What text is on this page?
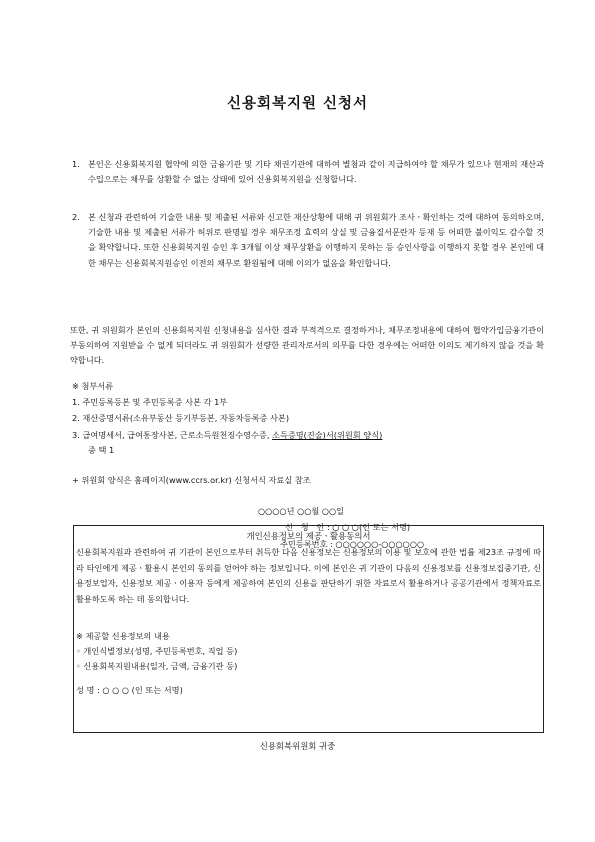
신용회복지원 신청서
1. 본인은 신용회복지원 협약에 의한 금융기관 및 기타 채권기관에 대하여 별첨과 같이 지급하여야 할 채무가 있으나 현재의 재산과 수입으로는 채무를 상환할 수 없는 상태에 있어 신용회복지원을 신청합니다.
2. 본 신청과 관련하여 기술한 내용 및 제출된 서류와 신고한 재산상황에 대해 귀 위원회가 조사ㆍ확인하는 것에 대하여 동의하오며, 기술한 내용 및 제출된 서류가 허위로 판명될 경우 채무조정 효력의 상실 및 금융질서문란자 등재 등 어떠한 불이익도 감수할 것을 확약합니다. 또한 신용회복지원 승인 후 3개월 이상 채무상환을 이행하지 못하는 등 승인사항을 이행하지 못할 경우 본인에 대한 채무는 신용회복지원승인 이전의 채무로 환원됨에 대해 이의가 없음을 확인합니다.

또한, 귀 위원회가 본인의 신용회복지원 신청내용을 심사한 결과 부적격으로 결정하거나, 채무조정내용에 대하여 협약가입금융기관이 부동의하여 지원받을 수 없게 되더라도 귀 위원회가 선량한 관리자로서의 의무를 다한 경우에는 어떠한 이의도 제기하지 않을 것을 확약합니다.

※ 첨부서류
1. 주민등록등본 및 주민등록증 사본 각 1부
2. 재산증명서류(소유부동산 등기부등본, 자동차등록증 사본)
3. 급여명세서, 급여통장사본, 근로소득원천징수영수증, 소득증명(진술)서(위원회 양식)
중 택 1
+ 위원회 양식은 홈페이지(www.ccrs.or.kr) 신청서식 자료실 참조
○○○○년 ○○월 ○○일
신   청   인 : ○ ○ ○(인 또는 서명)
주민등록번호 : ○○○○○○-○○○○○○
개인신용정보의 제공ㆍ활용동의서

신용회복지원과 관련하여 귀 기관이 본인으로부터 취득한 다음 신용정보는 신용정보의 이용 및 보호에 관한 법률 제23조 규정에 따라 타인에게 제공ㆍ활용시 본인의 동의를 얻어야 하는 정보입니다. 이에 본인은 귀 기관이 다음의 신용정보를 신용정보집중기관, 신용정보업자, 신용정보 제공ㆍ이용자 등에게 제공하여 본인의 신용을 판단하기 위한 자료로서 활용하거나 공공기관에서 정책자료로 활용하도록 하는 데 동의합니다.

※ 제공할 신용정보의 내용
◦ 개인식별정보(성명, 주민등록번호, 직업 등)
◦ 신용회복지원내용(일자, 금액, 금융기관 등)
성 명 : ○ ○ ○ (인 또는 서명)
신용회복위원회 귀중
